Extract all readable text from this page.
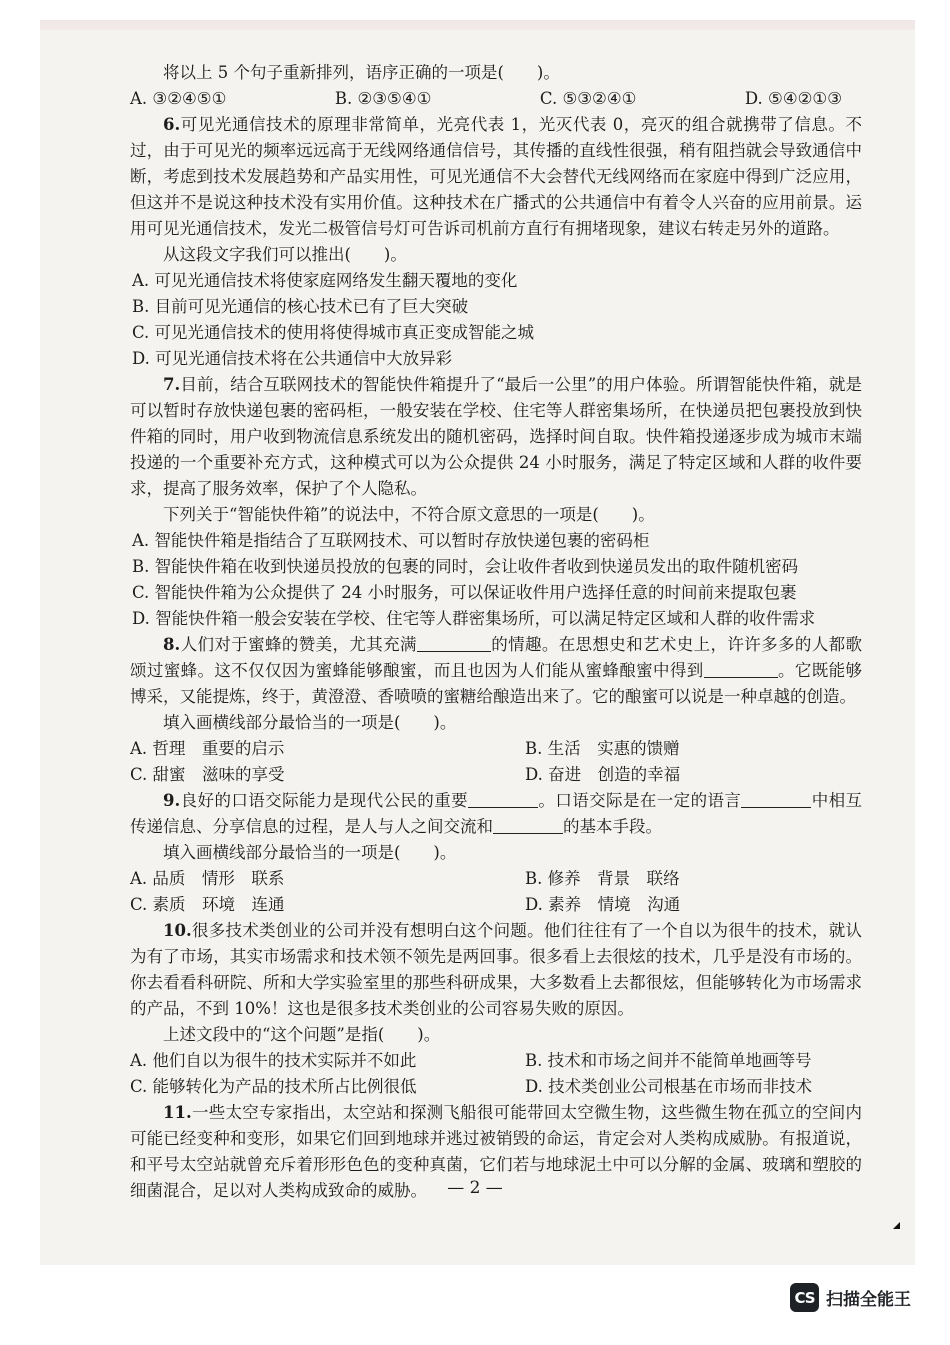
将以上 5 个句子重新排列，语序正确的一项是(　　)。
A. ③②④⑤①	B. ②③⑤④①	C. ⑤③②④①	D. ⑤④②①③
6.可见光通信技术的原理非常简单，光亮代表 1，光灭代表 0，亮灭的组合就携带了信息。不过，由于可见光的频率远远高于无线网络通信信号，其传播的直线性很强，稍有阻挡就会导致通信中断，考虑到技术发展趋势和产品实用性，可见光通信不大会替代无线网络而在家庭中得到广泛应用，但这并不是说这种技术没有实用价值。这种技术在广播式的公共通信中有着令人兴奋的应用前景。运用可见光通信技术，发光二极管信号灯可告诉司机前方直行有拥堵现象，建议右转走另外的道路。
从这段文字我们可以推出(　　)。
A. 可见光通信技术将使家庭网络发生翻天覆地的变化
B. 目前可见光通信的核心技术已有了巨大突破
C. 可见光通信技术的使用将使得城市真正变成智能之城
D. 可见光通信技术将在公共通信中大放异彩
7.目前，结合互联网技术的智能快件箱提升了“最后一公里”的用户体验。所谓智能快件箱，就是可以暂时存放快递包裹的密码柜，一般安装在学校、住宅等人群密集场所，在快递员把包裹投放到快件箱的同时，用户收到物流信息系统发出的随机密码，选择时间自取。快件箱投递逐步成为城市末端投递的一个重要补充方式，这种模式可以为公众提供 24 小时服务，满足了特定区域和人群的收件要求，提高了服务效率，保护了个人隐私。
下列关于“智能快件箱”的说法中，不符合原文意思的一项是(　　)。
A. 智能快件箱是指结合了互联网技术、可以暂时存放快递包裹的密码柜
B. 智能快件箱在收到快递员投放的包裹的同时，会让收件者收到快递员发出的取件随机密码
C. 智能快件箱为公众提供了 24 小时服务，可以保证收件用户选择任意的时间前来提取包裹
D. 智能快件箱一般会安装在学校、住宅等人群密集场所，可以满足特定区域和人群的收件需求
8.人们对于蜜蜂的赞美，尤其充满	的情趣。在思想史和艺术史上，许许多多的人都歌颂过蜜蜂。这不仅仅因为蜜蜂能够酿蜜，而且也因为人们能从蜜蜂酿蜜中得到	。它既能够博采，又能提炼，终于，黄澄澄、香喷喷的蜜糖给酿造出来了。它的酿蜜可以说是一种卓越的创造。
填入画横线部分最恰当的一项是(　　)。
A. 哲理　重要的启示	B. 生活　实惠的馈赠
C. 甜蜜　滋味的享受	D. 奋进　创造的幸福
9.良好的口语交际能力是现代公民的重要	。口语交际是在一定的语言	中相互传递信息、分享信息的过程，是人与人之间交流和	的基本手段。
填入画横线部分最恰当的一项是(　　)。
A. 品质　情形　联系	B. 修养　背景　联络
C. 素质　环境　连通	D. 素养　情境　沟通
10.很多技术类创业的公司并没有想明白这个问题。他们往往有了一个自以为很牛的技术，就认为有了市场，其实市场需求和技术领不领先是两回事。很多看上去很炫的技术，几乎是没有市场的。你去看看科研院、所和大学实验室里的那些科研成果，大多数看上去都很炫，但能够转化为市场需求的产品，不到 10%！这也是很多技术类创业的公司容易失败的原因。
上述文段中的“这个问题”是指(　　)。
A. 他们自以为很牛的技术实际并不如此	B. 技术和市场之间并不能简单地画等号
C. 能够转化为产品的技术所占比例很低	D. 技术类创业公司根基在市场而非技术
11.一些太空专家指出，太空站和探测飞船很可能带回太空微生物，这些微生物在孤立的空间内可能已经变种和变形，如果它们回到地球并逃过被销毁的命运，肯定会对人类构成威胁。有报道说，和平号太空站就曾充斥着形形色色的变种真菌，它们若与地球泥土中可以分解的金属、玻璃和塑胶的细菌混合，足以对人类构成致命的威胁。	— 2 —
CS 扫描全能王
